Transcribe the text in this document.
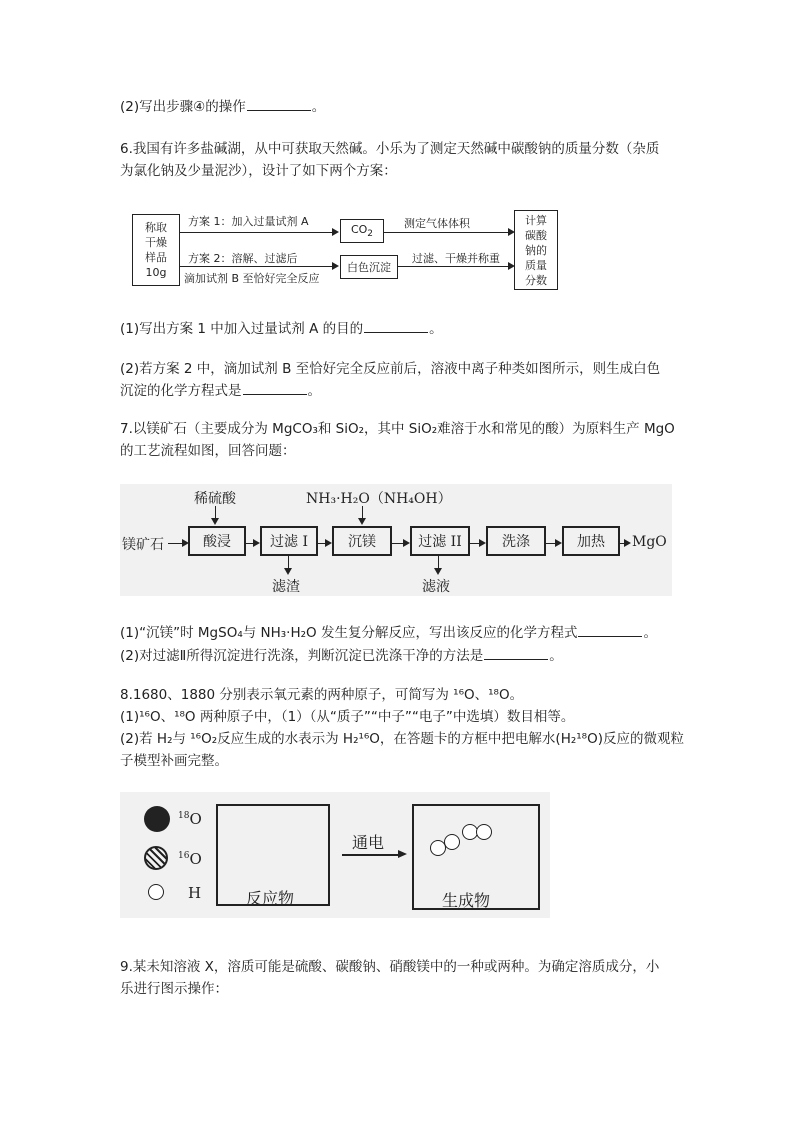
(2)写出步骤④的操作	。
6.我国有许多盐碱湖，从中可获取天然碱。小乐为了测定天然碱中碳酸钠的质量分数（杂质
为氯化钠及少量泥沙），设计了如下两个方案：
称取
干燥
样品
10g
方案 1：加入过量试剂 A
$CO_2$
测定气体体积
方案 2：溶解、过滤后
滴加试剂 B 至恰好完全反应
白色沉淀
过滤、干燥并称重
计算
碳酸
钠的
质量
分数
(1)写出方案 1 中加入过量试剂 A 的目的	。
(2)若方案 2 中，滴加试剂 B 至恰好完全反应前后，溶液中离子种类如图所示，则生成白色
沉淀的化学方程式是	。
7.以镁矿石（主要成分为 MgCO₃和 SiO₂，其中 SiO₂难溶于水和常见的酸）为原料生产 MgO
的工艺流程如图，回答问题：
稀硫酸	NH₃·H₂O（NH₄OH）
镁矿石	酸浸	过滤 I	沉镁	过滤 II	洗涤	加热	MgO
滤渣	滤液
(1)“沉镁”时 MgSO₄与 NH₃·H₂O 发生复分解反应，写出该反应的化学方程式	。
(2)对过滤Ⅱ所得沉淀进行洗涤，判断沉淀已洗涤干净的方法是	。
8.1680、1880 分别表示氧元素的两种原子，可简写为 ¹⁶O、¹⁸O。
(1)¹⁶O、¹⁸O 两种原子中，（1）（从“质子”“中子”“电子”中选填）数目相等。
(2)若 H₂与 ¹⁶O₂反应生成的水表示为 H₂¹⁶O，在答题卡的方框中把电解水(H₂¹⁸O)反应的微观粒
子模型补画完整。
$^{18}$O
$^{16}$O
H	反应物
通电
生成物
9.某未知溶液 X，溶质可能是硫酸、碳酸钠、硝酸镁中的一种或两种。为确定溶质成分，小
乐进行图示操作：
